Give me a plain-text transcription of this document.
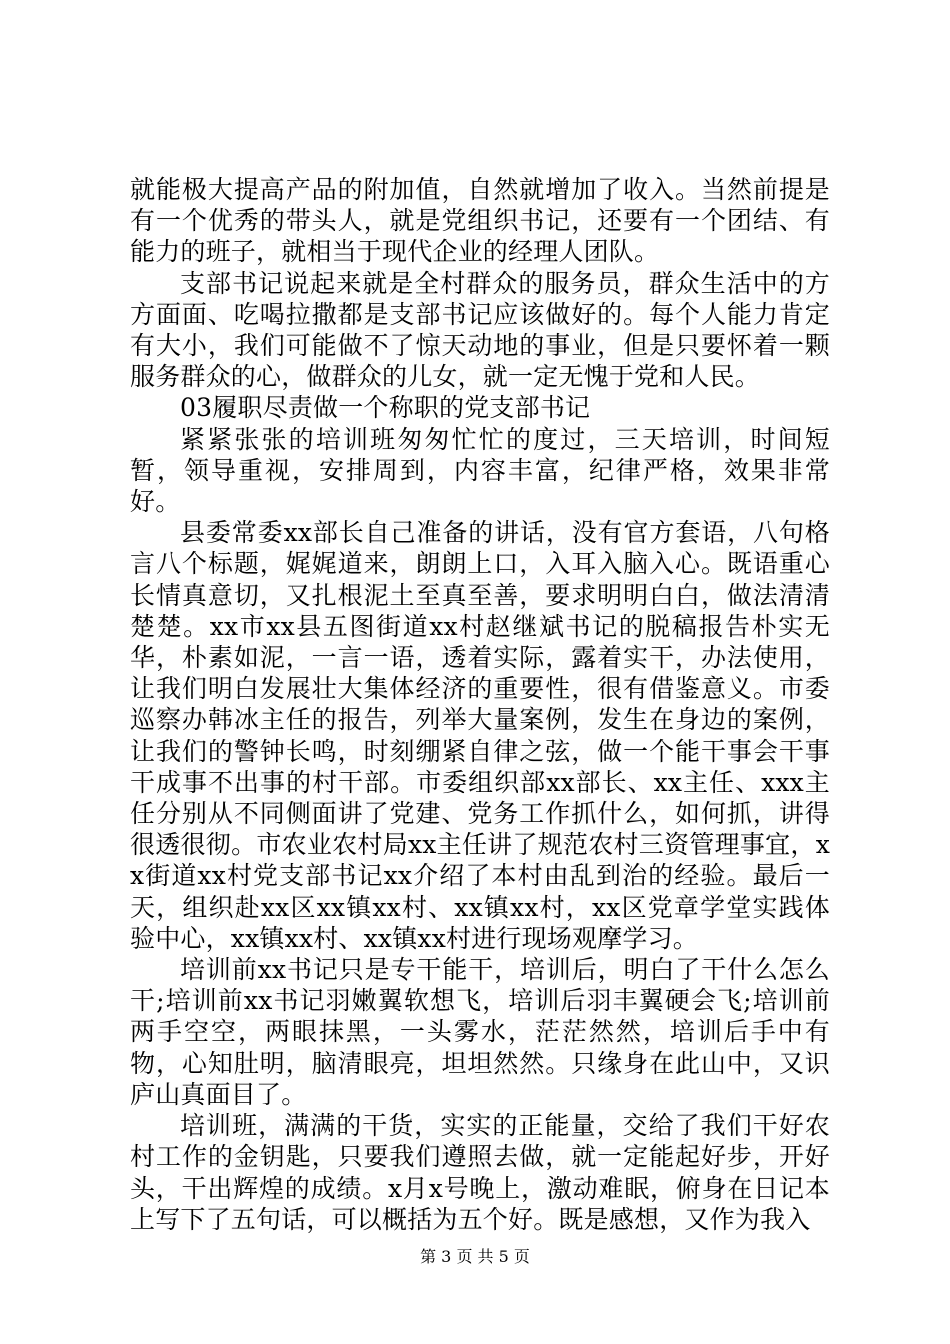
就能极大提高产品的附加值，自然就增加了收入。当然前提是有一个优秀的带头人，就是党组织书记，还要有一个团结、有能力的班子，就相当于现代企业的经理人团队。

支部书记说起来就是全村群众的服务员，群众生活中的方方面面、吃喝拉撒都是支部书记应该做好的。每个人能力肯定有大小，我们可能做不了惊天动地的事业，但是只要怀着一颗服务群众的心，做群众的儿女，就一定无愧于党和人民。

03履职尽责做一个称职的党支部书记

紧紧张张的培训班匆匆忙忙的度过，三天培训，时间短暂，领导重视，安排周到，内容丰富，纪律严格，效果非常好。

县委常委xx部长自己准备的讲话，没有官方套语，八句格言八个标题，娓娓道来，朗朗上口，入耳入脑入心。既语重心长情真意切，又扎根泥土至真至善，要求明明白白，做法清清楚楚。xx市xx县五图街道xx村赵继斌书记的脱稿报告朴实无华，朴素如泥，一言一语，透着实际，露着实干，办法使用，让我们明白发展壮大集体经济的重要性，很有借鉴意义。市委巡察办韩冰主任的报告，列举大量案例，发生在身边的案例，让我们的警钟长鸣，时刻绷紧自律之弦，做一个能干事会干事干成事不出事的村干部。市委组织部xx部长、xx主任、xxx主任分别从不同侧面讲了党建、党务工作抓什么，如何抓，讲得很透很彻。市农业农村局xx主任讲了规范农村三资管理事宜，xx街道xx村党支部书记xx介绍了本村由乱到治的经验。最后一天，组织赴xx区xx镇xx村、xx镇xx村，xx区党章学堂实践体验中心，xx镇xx村、xx镇xx村进行现场观摩学习。

培训前xx书记只是专干能干，培训后，明白了干什么怎么干;培训前xx书记羽嫩翼软想飞，培训后羽丰翼硬会飞;培训前两手空空，两眼抹黑，一头雾水，茫茫然然，培训后手中有物，心知肚明，脑清眼亮，坦坦然然。只缘身在此山中，又识庐山真面目了。

培训班，满满的干货，实实的正能量，交给了我们干好农村工作的金钥匙，只要我们遵照去做，就一定能起好步，开好头，干出辉煌的成绩。x月x号晚上，激动难眠，俯身在日记本上写下了五句话，可以概括为五个好。既是感想，又作为我入

第 3 页 共 5 页
